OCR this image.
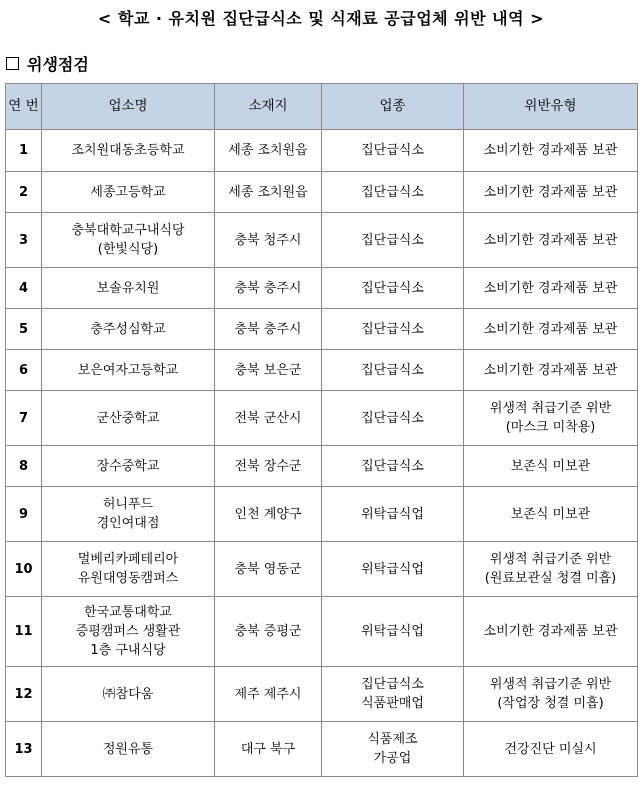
< 학교 · 유치원 집단급식소 및 식재료 공급업체 위반 내역 >
위생점검
연 번	업소명	소재지	업종	위반유형
1	조치원대동초등학교	세종 조치원읍	집단급식소	소비기한 경과제품 보관

2	세종고등학교	세종 조치원읍	집단급식소	소비기한 경과제품 보관

3	충북대학교구내식당
(한빛식당)	충북 청주시	집단급식소	소비기한 경과제품 보관

4	보솔유치원	충북 충주시	집단급식소	소비기한 경과제품 보관

5	충주성심학교	충북 충주시	집단급식소	소비기한 경과제품 보관

6	보은여자고등학교	충북 보은군	집단급식소	소비기한 경과제품 보관

7	군산중학교	전북 군산시	집단급식소	위생적 취급기준 위반
(마스크 미착용)

8	장수중학교	전북 장수군	집단급식소	보존식 미보관

9	허니푸드
경인여대점	인천 계양구	위탁급식업	보존식 미보관

10	멀베리카페테리아
유원대영동캠퍼스	충북 영동군	위탁급식업	위생적 취급기준 위반
(원료보관실 청결 미흡)

11	한국교통대학교
증평캠퍼스 생활관
1층 구내식당	충북 증평군	위탁급식업	소비기한 경과제품 보관

12	㈜참다움	제주 제주시	집단급식소
식품판매업	위생적 취급기준 위반
(작업장 청결 미흡)

13	정원유통	대구 북구	식품제조
가공업	건강진단 미실시
